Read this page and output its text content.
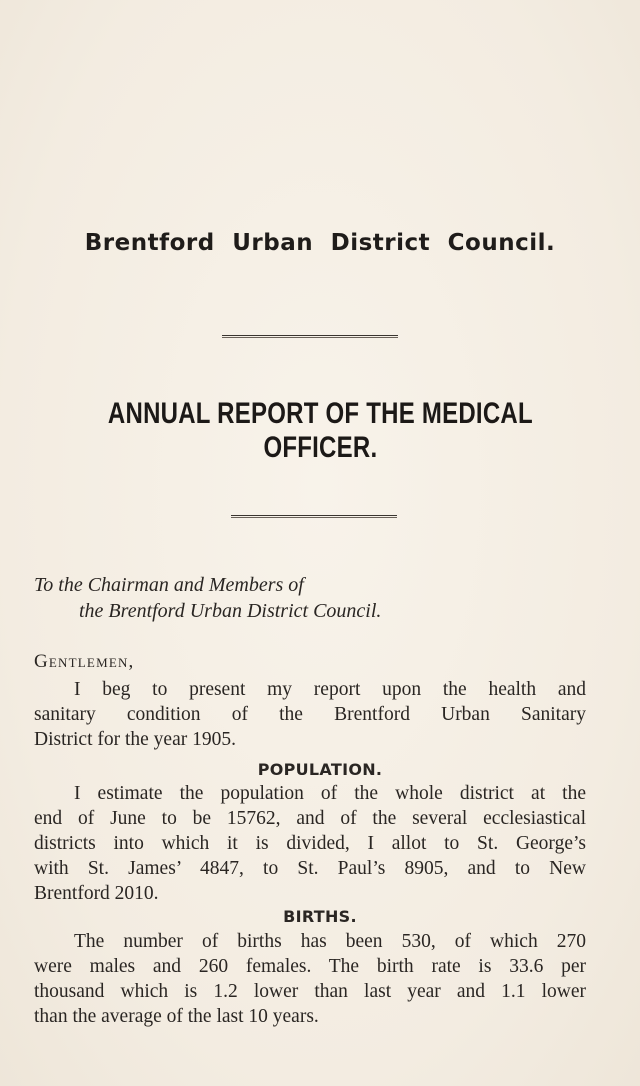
Brentford Urban District Council.
ANNUAL REPORT OF THE MEDICAL OFFICER.
To the Chairman and Members of
the Brentford Urban District Council.
Gentlemen,
I beg to present my report upon the health and
sanitary condition of the Brentford Urban Sanitary
District for the year 1905.
POPULATION.
I estimate the population of the whole district at the
end of June to be 15762, and of the several ecclesiastical
districts into which it is divided, I allot to St. George’s
with St. James’ 4847, to St. Paul’s 8905, and to New
Brentford 2010.
BIRTHS.
The number of births has been 530, of which 270
were males and 260 females. The birth rate is 33.6 per
thousand which is 1.2 lower than last year and 1.1 lower
than the average of the last 10 years.
